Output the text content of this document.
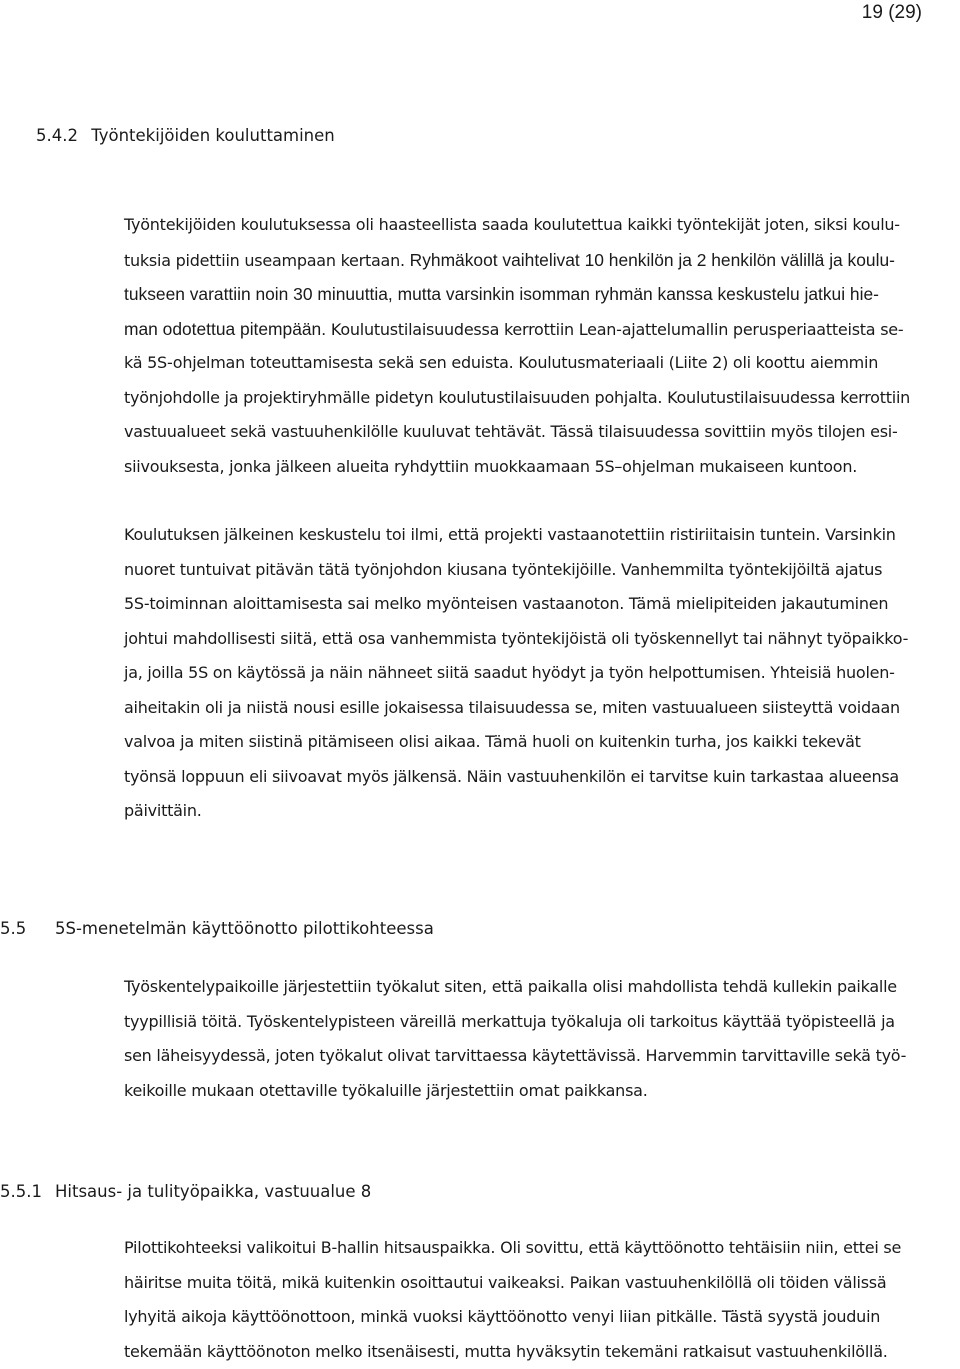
19 (29)

5.4.2 Työntekijöiden kouluttaminen
Työntekijöiden koulutuksessa oli haasteellista saada koulutettua kaikki työntekijät joten, siksi koulu-
tuksia pidettiin useampaan kertaan. Ryhmäkoot vaihtelivat 10 henkilön ja 2 henkilön välillä ja koulu-
tukseen varattiin noin 30 minuuttia, mutta varsinkin isomman ryhmän kanssa keskustelu jatkui hie-
man odotettua pitempään. Koulutustilaisuudessa kerrottiin Lean-ajattelumallin perusperiaatteista se-
kä 5S-ohjelman toteuttamisesta sekä sen eduista. Koulutusmateriaali (Liite 2) oli koottu aiemmin
työnjohdolle ja projektiryhmälle pidetyn koulutustilaisuuden pohjalta. Koulutustilaisuudessa kerrottiin
vastuualueet sekä vastuuhenkilölle kuuluvat tehtävät. Tässä tilaisuudessa sovittiin myös tilojen esi-
siivouksesta, jonka jälkeen alueita ryhdyttiin muokkaamaan 5S–ohjelman mukaiseen kuntoon.
Koulutuksen jälkeinen keskustelu toi ilmi, että projekti vastaanotettiin ristiriitaisin tuntein. Varsinkin
nuoret tuntuivat pitävän tätä työnjohdon kiusana työntekijöille. Vanhemmilta työntekijöiltä ajatus
5S-toiminnan aloittamisesta sai melko myönteisen vastaanoton. Tämä mielipiteiden jakautuminen
johtui mahdollisesti siitä, että osa vanhemmista työntekijöistä oli työskennellyt tai nähnyt työpaikko-
ja, joilla 5S on käytössä ja näin nähneet siitä saadut hyödyt ja työn helpottumisen. Yhteisiä huolen-
aiheitakin oli ja niistä nousi esille jokaisessa tilaisuudessa se, miten vastuualueen siisteyttä voidaan
valvoa ja miten siistinä pitämiseen olisi aikaa. Tämä huoli on kuitenkin turha, jos kaikki tekevät
työnsä loppuun eli siivoavat myös jälkensä. Näin vastuuhenkilön ei tarvitse kuin tarkastaa alueensa
päivittäin.
5.5 5S-menetelmän käyttöönotto pilottikohteessa
Työskentelypaikoille järjestettiin työkalut siten, että paikalla olisi mahdollista tehdä kullekin paikalle
tyypillisiä töitä. Työskentelypisteen väreillä merkattuja työkaluja oli tarkoitus käyttää työpisteellä ja
sen läheisyydessä, joten työkalut olivat tarvittaessa käytettävissä. Harvemmin tarvittaville sekä työ-
keikoille mukaan otettaville työkaluille järjestettiin omat paikkansa.
5.5.1 Hitsaus- ja tulityöpaikka, vastuualue 8
Pilottikohteeksi valikoitui B-hallin hitsauspaikka. Oli sovittu, että käyttöönotto tehtäisiin niin, ettei se
häiritse muita töitä, mikä kuitenkin osoittautui vaikeaksi. Paikan vastuuhenkilöllä oli töiden välissä
lyhyitä aikoja käyttöönottoon, minkä vuoksi käyttöönotto venyi liian pitkälle. Tästä syystä jouduin
tekemään käyttöönoton melko itsenäisesti, mutta hyväksytin tekemäni ratkaisut vastuuhenkilöllä.
